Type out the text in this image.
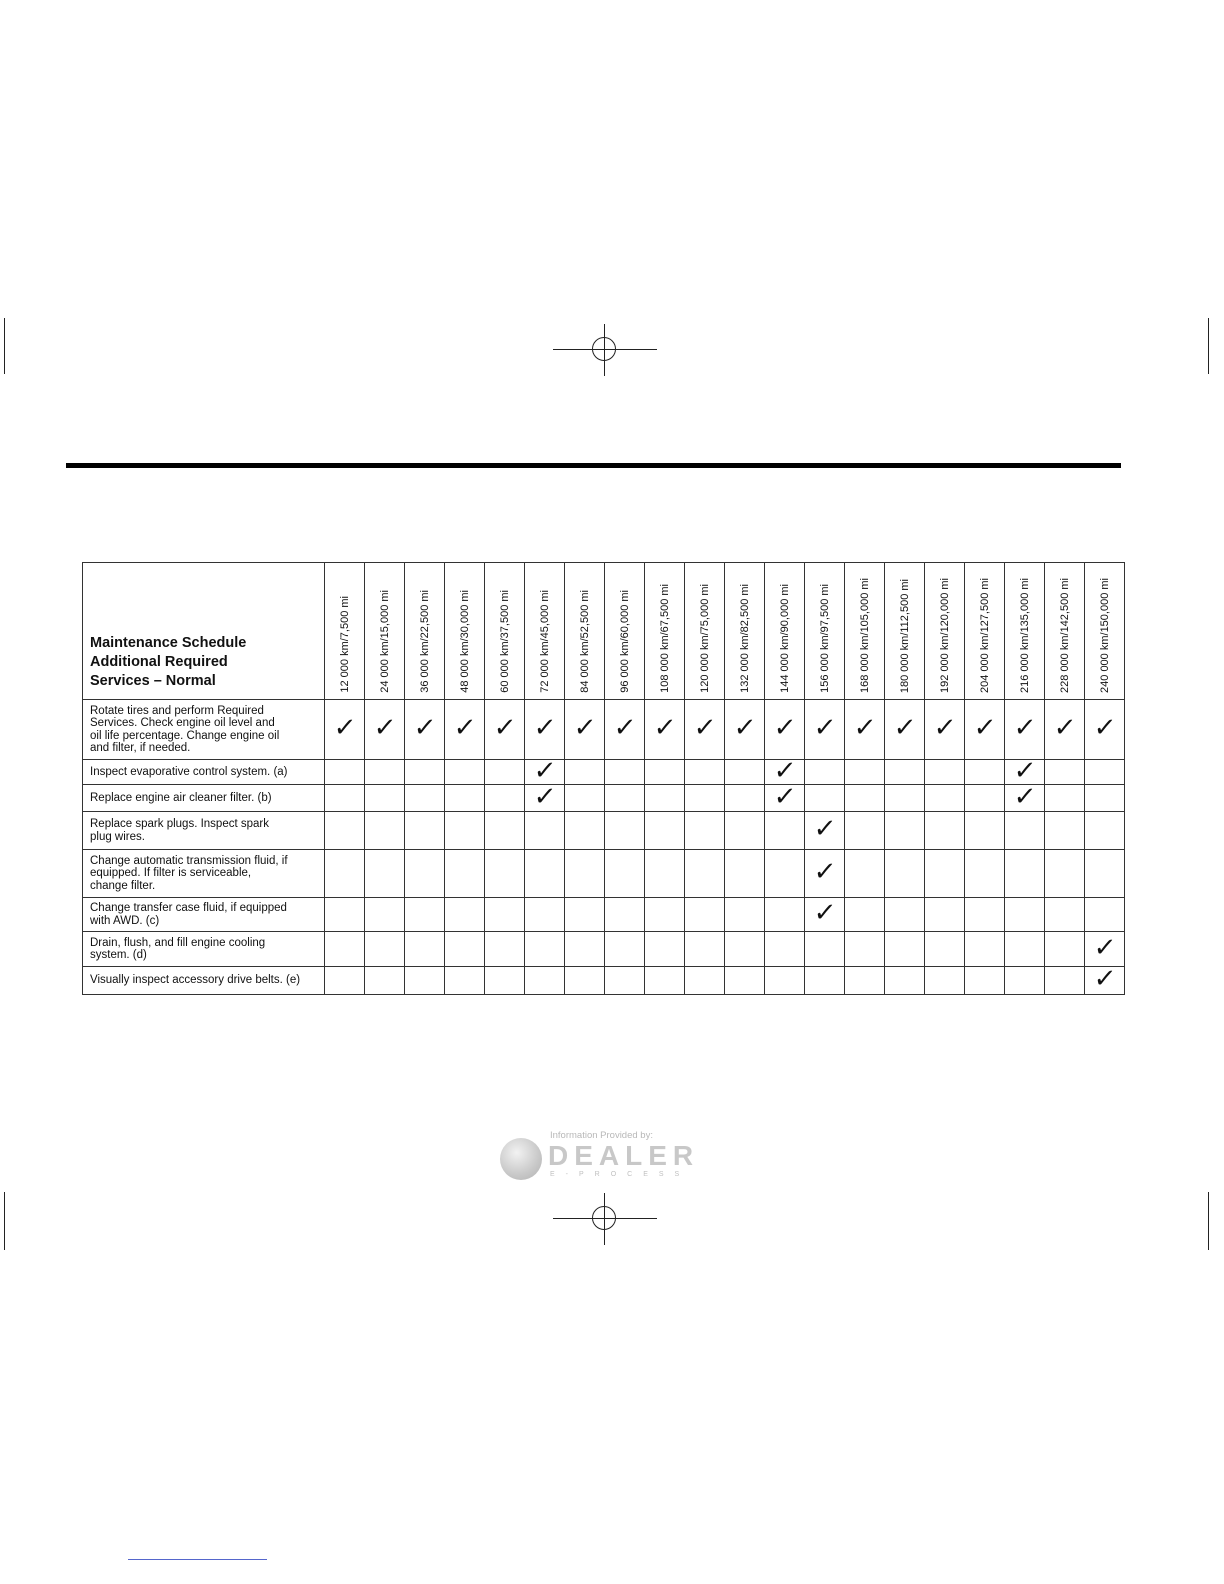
Maintenance Schedule
Additional Required
Services – Normal	12 000 km/7,500 mi	24 000 km/15,000 mi	36 000 km/22,500 mi	48 000 km/30,000 mi	60 000 km/37,500 mi	72 000 km/45,000 mi	84 000 km/52,500 mi	96 000 km/60,000 mi	108 000 km/67,500 mi	120 000 km/75,000 mi	132 000 km/82,500 mi	144 000 km/90,000 mi	156 000 km/97,500 mi	168 000 km/105,000 mi	180 000 km/112,500 mi	192 000 km/120,000 mi	204 000 km/127,500 mi	216 000 km/135,000 mi	228 000 km/142,500 mi	240 000 km/150,000 mi

Rotate tires and perform Required
Services. Check engine oil level and
oil life percentage. Change engine oil
and filter, if needed.	✓	✓	✓	✓	✓	✓	✓	✓	✓	✓	✓	✓	✓	✓	✓	✓	✓	✓	✓	✓

Inspect evaporative control system. (a)						✓						✓						✓		

Replace engine air cleaner filter. (b)						✓						✓						✓		

Replace spark plugs. Inspect spark
plug wires.													✓							

Change automatic transmission fluid, if
equipped. If filter is serviceable,
change filter.													✓							

Change transfer case fluid, if equipped
with AWD. (c)													✓							

Drain, flush, and fill engine cooling
system. (d)																				✓

Visually inspect accessory drive belts. (e)																				✓
Information Provided by:
DEALER
E-PROCESS
